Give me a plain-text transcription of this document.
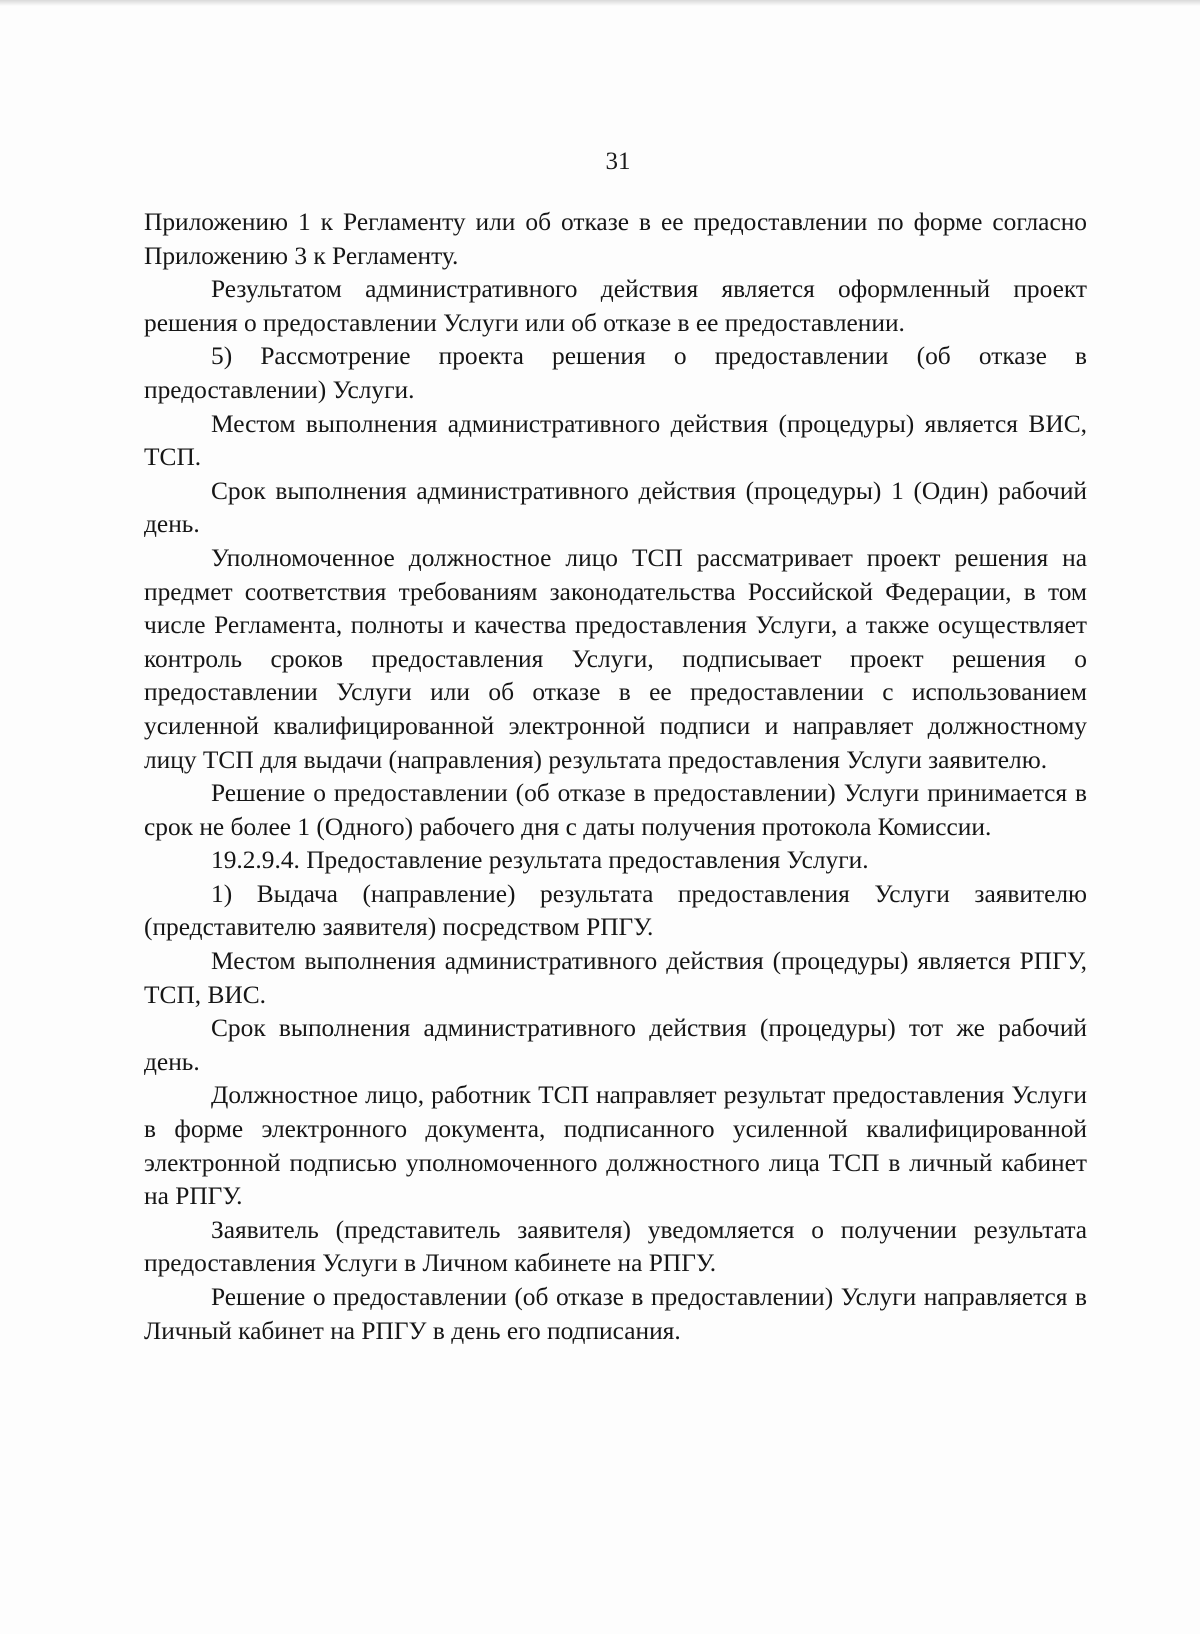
31

Приложению 1 к Регламенту или об отказе в ее предоставлении по форме согласно Приложению 3 к Регламенту.

Результатом административного действия является оформленный проект решения о предоставлении Услуги или об отказе в ее предоставлении.

5) Рассмотрение проекта решения о предоставлении (об отказе в предоставлении) Услуги.

Местом выполнения административного действия (процедуры) является ВИС, ТСП.

Срок выполнения административного действия (процедуры) 1 (Один) рабочий день.

Уполномоченное должностное лицо ТСП рассматривает проект решения на предмет соответствия требованиям законодательства Российской Федерации, в том числе Регламента, полноты и качества предоставления Услуги, а также осуществляет контроль сроков предоставления Услуги, подписывает проект решения о предоставлении Услуги или об отказе в ее предоставлении с использованием усиленной квалифицированной электронной подписи и направляет должностному лицу ТСП для выдачи (направления) результата предоставления Услуги заявителю.

Решение о предоставлении (об отказе в предоставлении) Услуги принимается в срок не более 1 (Одного) рабочего дня с даты получения протокола Комиссии.

19.2.9.4. Предоставление результата предоставления Услуги.

1) Выдача (направление) результата предоставления Услуги заявителю (представителю заявителя) посредством РПГУ.

Местом выполнения административного действия (процедуры) является РПГУ, ТСП, ВИС.

Срок выполнения административного действия (процедуры) тот же рабочий день.

Должностное лицо, работник ТСП направляет результат предоставления Услуги в форме электронного документа, подписанного усиленной квалифицированной электронной подписью уполномоченного должностного лица ТСП в личный кабинет на РПГУ.

Заявитель (представитель заявителя) уведомляется о получении результата предоставления Услуги в Личном кабинете на РПГУ.

Решение о предоставлении (об отказе в предоставлении) Услуги направляется в Личный кабинет на РПГУ в день его подписания.
